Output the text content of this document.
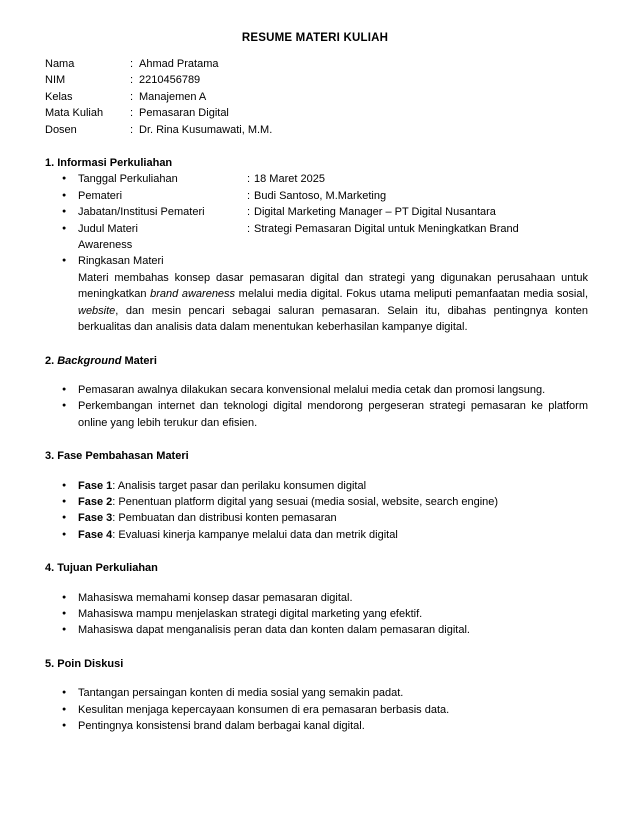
RESUME MATERI KULIAH
Nama	:	Ahmad Pratama
NIM	:	2210456789
Kelas	:	Manajemen A
Mata Kuliah	:	Pemasaran Digital
Dosen	:	Dr. Rina Kusumawati, M.M.
1. Informasi Perkuliahan
●	Tanggal Perkuliahan	:	18 Maret 2025
●	Pemateri	:	Budi Santoso, M.Marketing
●	Jabatan/Institusi Pemateri	:	Digital Marketing Manager – PT Digital Nusantara
●	Judul Materi	:	Strategi Pemasaran Digital untuk Meningkatkan Brand
Awareness
● Ringkasan Materi

Materi membahas konsep dasar pemasaran digital dan strategi yang digunakan perusahaan untuk meningkatkan brand awareness melalui media digital. Fokus utama meliputi pemanfaatan media sosial, website, dan mesin pencari sebagai saluran pemasaran. Selain itu, dibahas pentingnya konten berkualitas dan analisis data dalam menentukan keberhasilan kampanye digital.

2. Background Materi
● Pemasaran awalnya dilakukan secara konvensional melalui media cetak dan promosi langsung.
● Perkembangan internet dan teknologi digital mendorong pergeseran strategi pemasaran ke platform online yang lebih terukur dan efisien.
3. Fase Pembahasan Materi
● Fase 1: Analisis target pasar dan perilaku konsumen digital
● Fase 2: Penentuan platform digital yang sesuai (media sosial, website, search engine)
● Fase 3: Pembuatan dan distribusi konten pemasaran
● Fase 4: Evaluasi kinerja kampanye melalui data dan metrik digital
4. Tujuan Perkuliahan
● Mahasiswa memahami konsep dasar pemasaran digital.
● Mahasiswa mampu menjelaskan strategi digital marketing yang efektif.
● Mahasiswa dapat menganalisis peran data dan konten dalam pemasaran digital.
5. Poin Diskusi
● Tantangan persaingan konten di media sosial yang semakin padat.
● Kesulitan menjaga kepercayaan konsumen di era pemasaran berbasis data.
● Pentingnya konsistensi brand dalam berbagai kanal digital.
